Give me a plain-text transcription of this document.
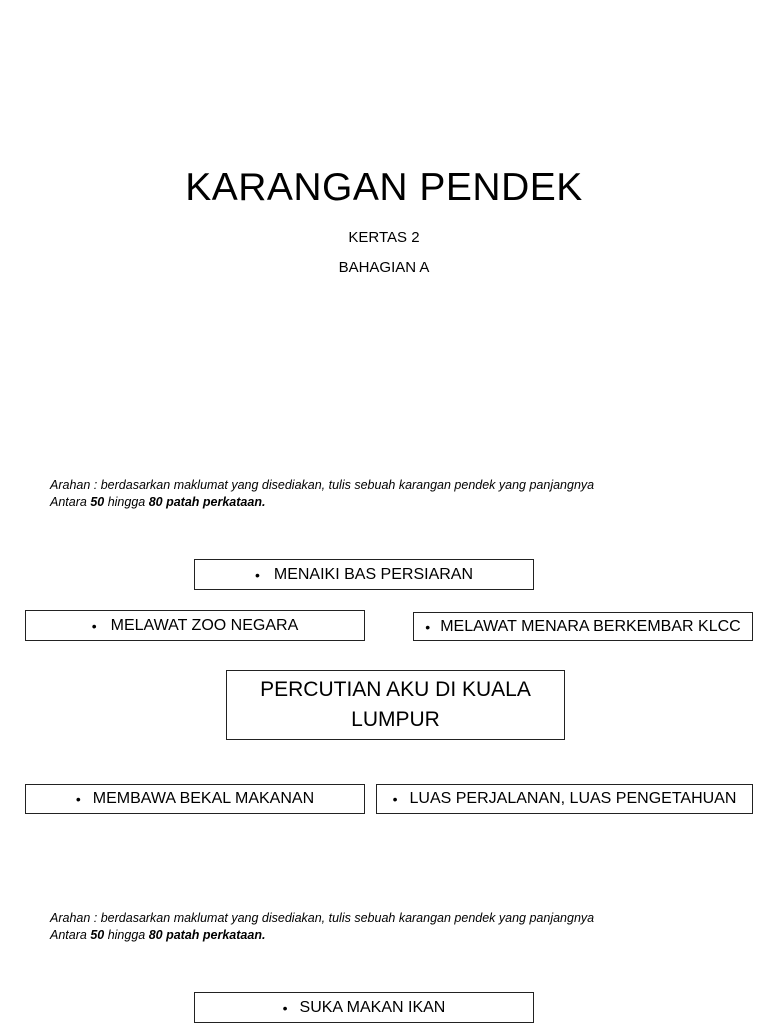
KARANGAN PENDEK
KERTAS 2
BAHAGIAN A
Arahan : berdasarkan maklumat yang disediakan, tulis sebuah karangan pendek yang panjangnya
Antara 50 hingga 80 patah perkataan.
• MENAIKI BAS PERSIARAN
• MELAWAT ZOO NEGARA	• MELAWAT MENARA BERKEMBAR KLCC
PERCUTIAN AKU DI KUALA LUMPUR
• MEMBAWA BEKAL MAKANAN	• LUAS PERJALANAN, LUAS PENGETAHUAN
Arahan : berdasarkan maklumat yang disediakan, tulis sebuah karangan pendek yang panjangnya
Antara 50 hingga 80 patah perkataan.
• SUKA MAKAN IKAN
